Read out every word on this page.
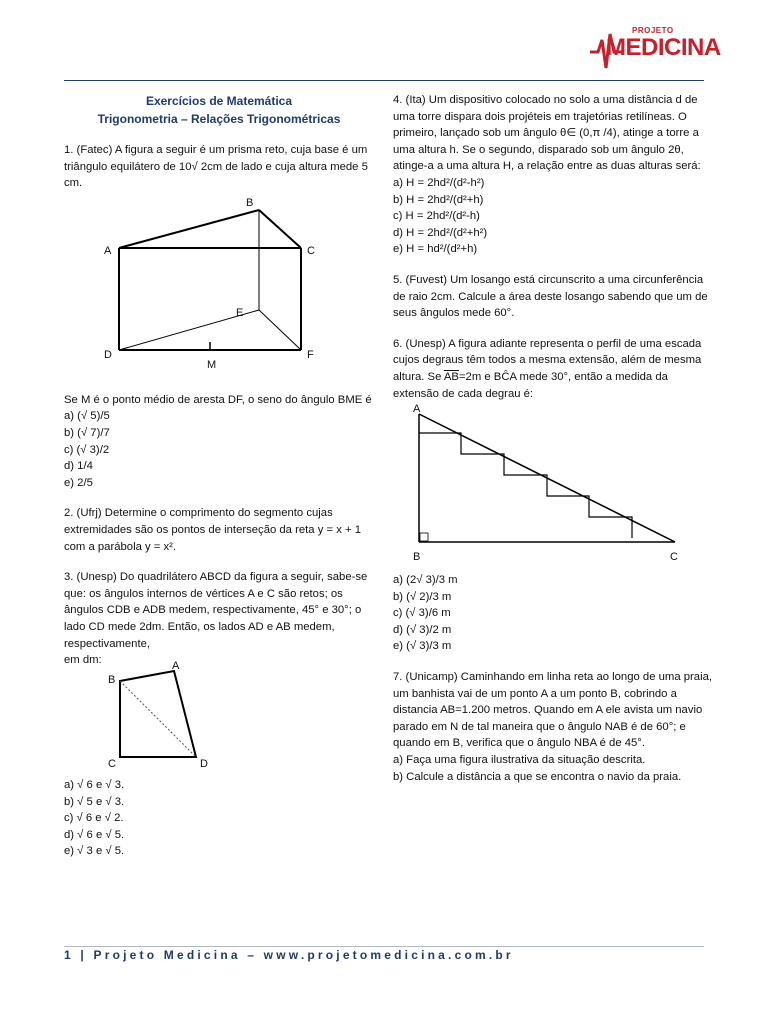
PROJETO
MEDICINA

Exercícios de Matemática

Trigonometria – Relações Trigonométricas

1. (Fatec) A figura a seguir é um prisma reto, cuja base é um triângulo equilátero de 10√ 2cm de lado e cuja altura mede 5 cm.

A
B
C
D
E
F
M

Se M é o ponto médio de aresta DF, o seno do ângulo BME é

a) (√ 5)/5

b) (√ 7)/7

c) (√ 3)/2

d) 1/4

e) 2/5

2. (Ufrj) Determine o comprimento do segmento cujas extremidades são os pontos de interseção da reta y = x + 1 com a parábola y = x².

3. (Unesp) Do quadrilátero ABCD da figura a seguir, sabe-se que: os ângulos internos de vértices A e C são retos; os ângulos CDB e ADB medem, respectivamente, 45° e 30°; o lado CD mede 2dm. Então, os lados AD e AB medem, respectivamente,

em dm:	A
B
C	D

a) √ 6 e √ 3.

b) √ 5 e √ 3.

c) √ 6 e √ 2.

d) √ 6 e √ 5.

e) √ 3 e √ 5.

4. (Ita) Um dispositivo colocado no solo a uma distância d de uma torre dispara dois projéteis em trajetórias retilíneas. O primeiro, lançado sob um ângulo θ∈ (0,π /4), atinge a torre a uma altura h. Se o segundo, disparado sob um ângulo 2θ, atinge-a a uma altura H, a relação entre as duas alturas será:

a) H = 2hd²/(d²-h²)

b) H = 2hd²/(d²+h)

c) H = 2hd²/(d²-h)

d) H = 2hd²/(d²+h²)

e) H = hd²/(d²+h)

5. (Fuvest) Um losango está circunscrito a uma circunferência de raio 2cm. Calcule a área deste losango sabendo que um de seus ângulos mede 60°.

6. (Unesp) A figura adiante representa o perfil de uma escada cujos degraus têm todos a mesma extensão, além de mesma altura. Se $\overline{AB}=2m$ e BĈA mede 30°, então a medida da extensão de cada degrau é:

A
B	C

a) (2√ 3)/3 m

b) (√ 2)/3 m

c) (√ 3)/6 m

d) (√ 3)/2 m

e) (√ 3)/3 m

7. (Unicamp) Caminhando em linha reta ao longo de uma praia, um banhista vai de um ponto A a um ponto B, cobrindo a distancia AB=1.200 metros. Quando em A ele avista um navio parado em N de tal maneira que o ângulo NAB é de 60°; e quando em B, verifica que o ângulo NBA é de 45°.

a) Faça uma figura ilustrativa da situação descrita.

b) Calcule a distância a que se encontra o navio da praia.

1 | Projeto Medicina – www.projetomedicina.com.br
